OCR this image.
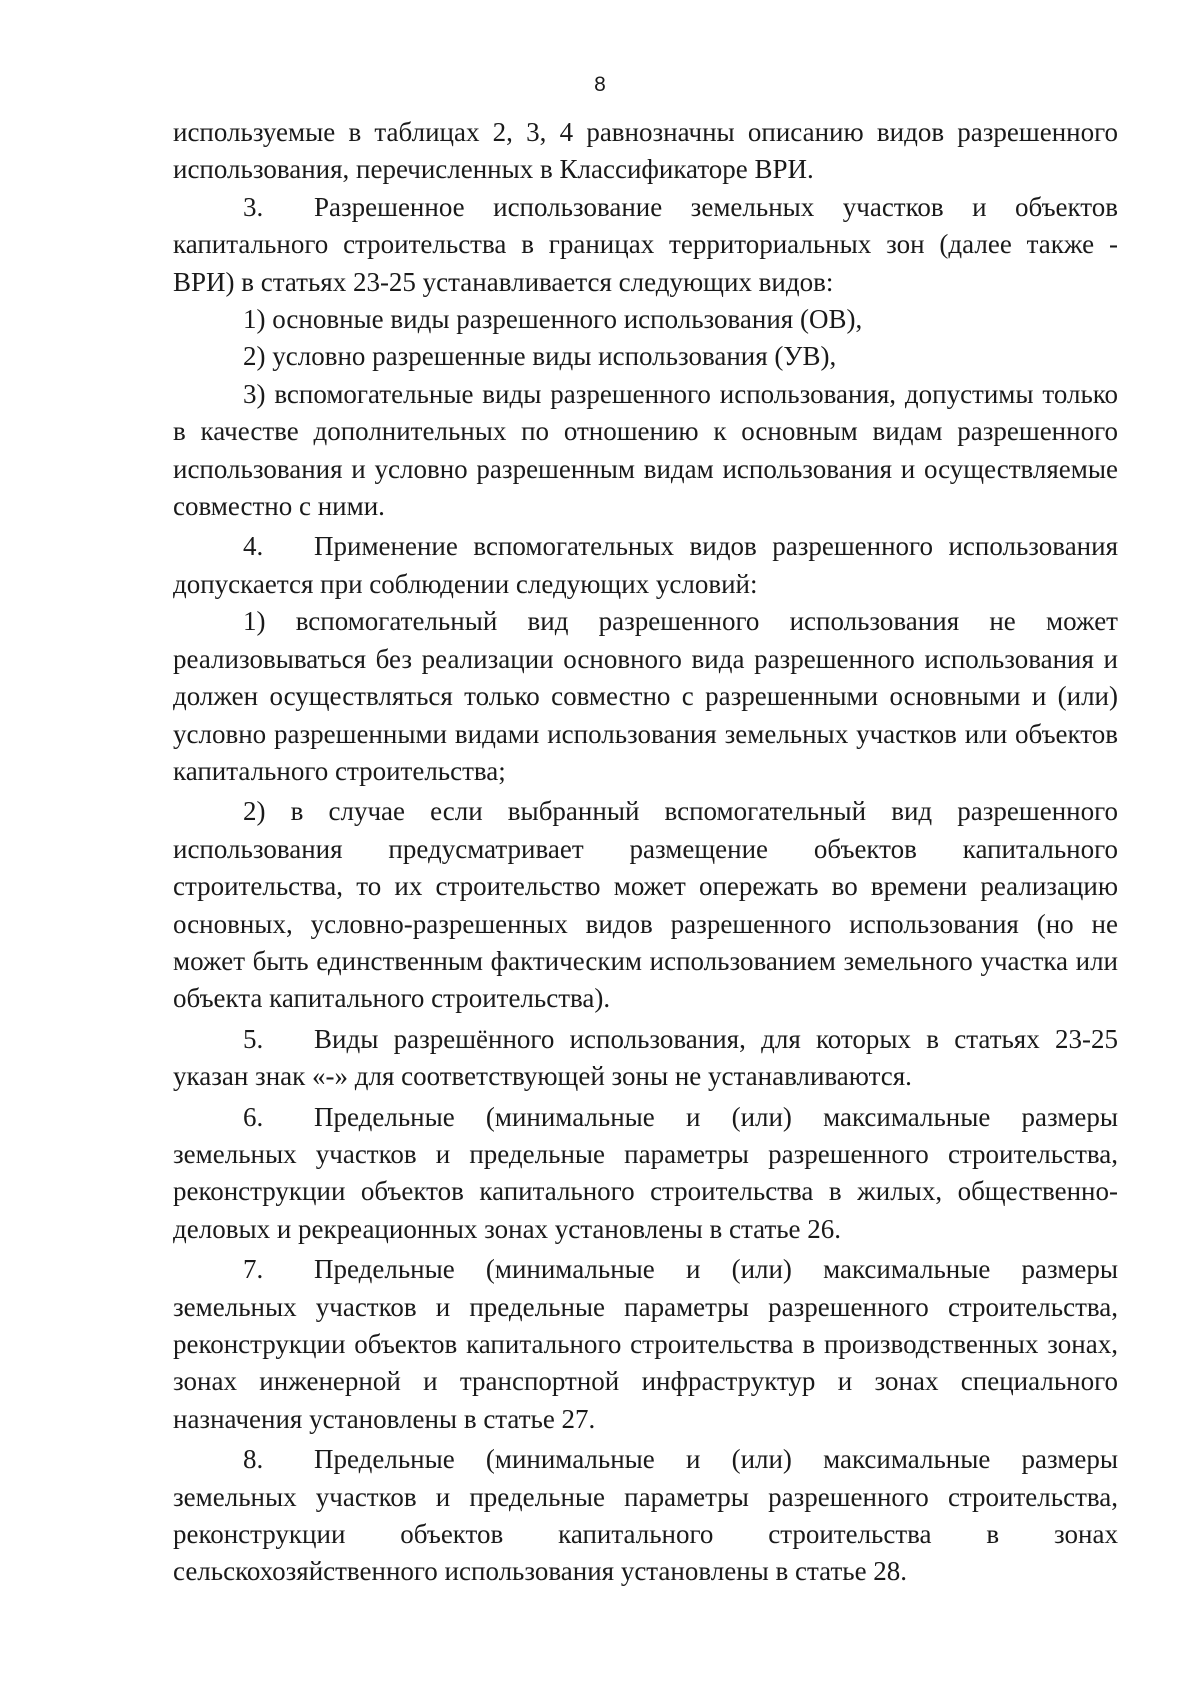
8

используемые в таблицах 2, 3, 4 равнозначны описанию видов разрешенного использования, перечисленных в Классификаторе ВРИ.

3. Разрешенное использование земельных участков и объектов капитального строительства в границах территориальных зон (далее также - ВРИ) в статьях 23-25 устанавливается следующих видов:

1) основные виды разрешенного использования (ОВ),

2) условно разрешенные виды использования (УВ),

3) вспомогательные виды разрешенного использования, допустимы только в качестве дополнительных по отношению к основным видам разрешенного использования и условно разрешенным видам использования и осуществляемые совместно с ними.

4. Применение вспомогательных видов разрешенного использования допускается при соблюдении следующих условий:

1) вспомогательный вид разрешенного использования не может реализовываться без реализации основного вида разрешенного использования и должен осуществляться только совместно с разрешенными основными и (или) условно разрешенными видами использования земельных участков или объектов капитального строительства;

2) в случае если выбранный вспомогательный вид разрешенного использования предусматривает размещение объектов капитального строительства, то их строительство может опережать во времени реализацию основных, условно-разрешенных видов разрешенного использования (но не может быть единственным фактическим использованием земельного участка или объекта капитального строительства).

5. Виды разрешённого использования, для которых в статьях 23-25 указан знак «-» для соответствующей зоны не устанавливаются.

6. Предельные (минимальные и (или) максимальные размеры земельных участков и предельные параметры разрешенного строительства, реконструкции объектов капитального строительства в жилых, общественно-деловых и рекреационных зонах установлены в статье 26.

7. Предельные (минимальные и (или) максимальные размеры земельных участков и предельные параметры разрешенного строительства, реконструкции объектов капитального строительства в производственных зонах, зонах инженерной и транспортной инфраструктур и зонах специального назначения установлены в статье 27.

8. Предельные (минимальные и (или) максимальные размеры земельных участков и предельные параметры разрешенного строительства, реконструкции объектов капитального строительства в зонах сельскохозяйственного использования установлены в статье 28.
